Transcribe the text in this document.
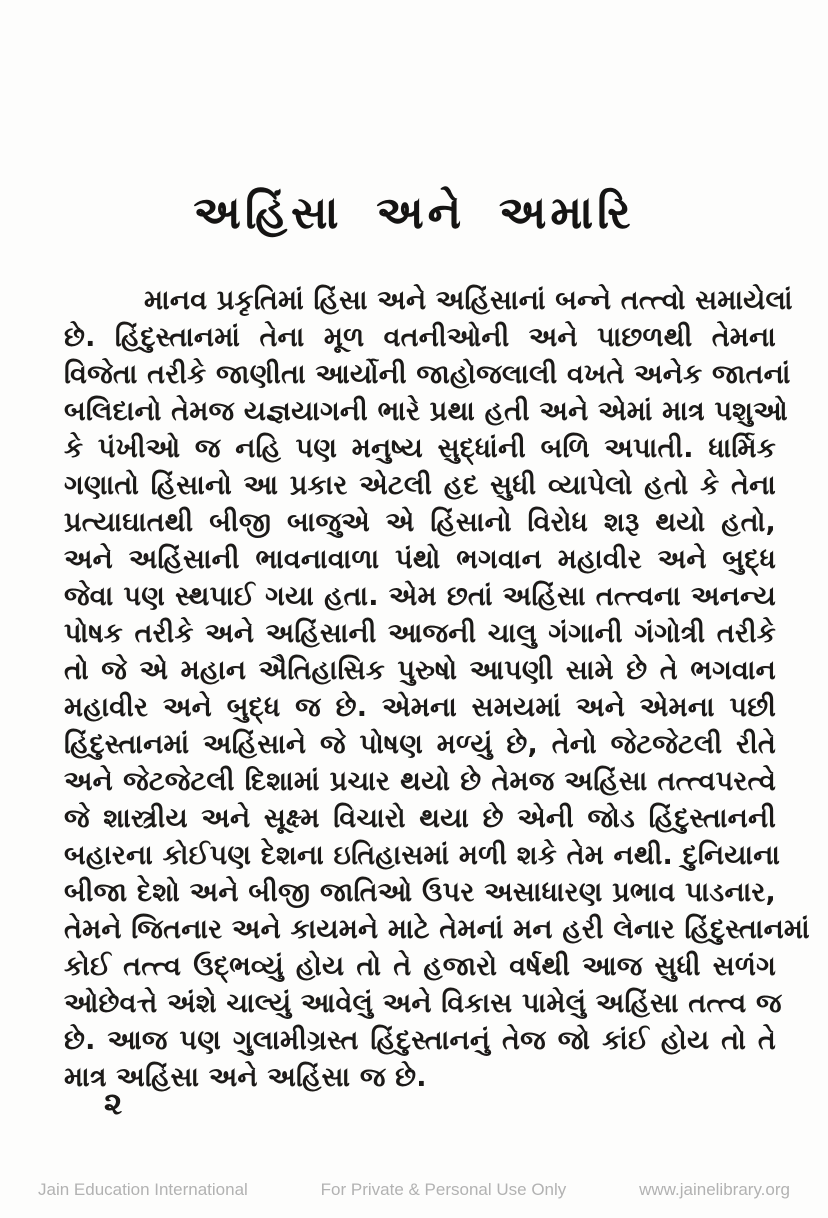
અહિંસા અને અમારિ
માનવ પ્રકૃતિમાં હિંસા અને અહિંસાનાં બન્ને તત્ત્વો સમાયેલાં
છે. હિંદુસ્તાનમાં તેના મૂળ વતનીઓની અને પાછળથી તેમના
વિજેતા તરીકે જાણીતા આર્યોની જાહોજલાલી વખતે અનેક જાતનાં
બલિદાનો તેમજ યજ્ઞયાગની ભારે પ્રથા હતી અને એમાં માત્ર પશુઓ
કે પંખીઓ જ નહિ પણ મનુષ્ય સુદ્ધાંની બળિ અપાતી. ધાર્મિક
ગણાતો હિંસાનો આ પ્રકાર એટલી હદ સુધી વ્યાપેલો હતો કે તેના
પ્રત્યાઘાતથી બીજી બાજુએ એ હિંસાનો વિરોધ શરૂ થયો હતો,
અને અહિંસાની ભાવનાવાળા પંથો ભગવાન મહાવીર અને બુદ્ધ
જેવા પણ સ્થપાઈ ગયા હતા. એમ છતાં અહિંસા તત્ત્વના અનન્ય
પોષક તરીકે અને અહિંસાની આજની ચાલુ ગંગાની ગંગોત્રી તરીકે
તો જે એ મહાન ઐતિહાસિક પુરુષો આપણી સામે છે તે ભગવાન
મહાવીર અને બુદ્ધ જ છે. એમના સમયમાં અને એમના પછી
હિંદુસ્તાનમાં અહિંસાને જે પોષણ મળ્યું છે, તેનો જેટજેટલી રીતે
અને જેટજેટલી દિશામાં પ્રચાર થયો છે તેમજ અહિંસા તત્ત્વપરત્વે
જે શાસ્ત્રીય અને સૂક્ષ્મ વિચારો થયા છે એની જોડ હિંદુસ્તાનની
બહારના કોઈપણ દેશના ઇતિહાસમાં મળી શકે તેમ નથી. દુનિયાના
બીજા દેશો અને બીજી જાતિઓ ઉપર અસાધારણ પ્રભાવ પાડનાર,
તેમને જિતનાર અને કાયમને માટે તેમનાં મન હરી લેનાર હિંદુસ્તાનમાં
કોઈ તત્ત્વ ઉદ્ભવ્યું હોય તો તે હજારો વર્ષથી આજ સુધી સળંગ
ઓછેવત્તે અંશે ચાલ્યું આવેલું અને વિકાસ પામેલું અહિંસા તત્ત્વ જ
છે. આજ પણ ગુલામીગ્રસ્ત હિંદુસ્તાનનું તેજ જો કાંઈ હોય તો તે
માત્ર અહિંસા અને અહિંસા જ છે.
૨
Jain Education International	For Private & Personal Use Only	www.jainelibrary.org
